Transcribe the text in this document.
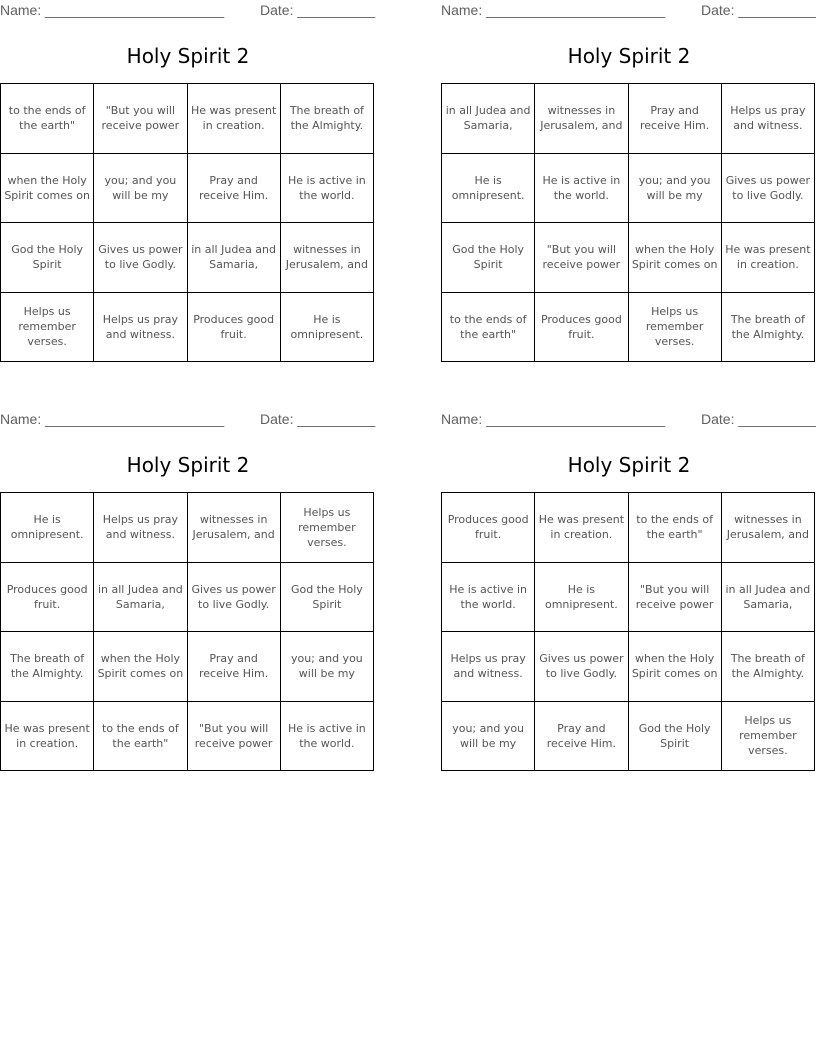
Name: _______________________	Date: __________
Holy Spirit 2
to the ends of the earth"	"But you will receive power	He was present in creation.	The breath of the Almighty.
when the Holy Spirit comes on	you; and you will be my	Pray and receive Him.	He is active in the world.
God the Holy Spirit	Gives us power to live Godly.	in all Judea and Samaria,	witnesses in Jerusalem, and
Helps us remember verses.	Helps us pray and witness.	Produces good fruit.	He is omnipresent.
Name: _______________________	Date: __________
Holy Spirit 2
in all Judea and Samaria,	witnesses in Jerusalem, and	Pray and receive Him.	Helps us pray and witness.
He is omnipresent.	He is active in the world.	you; and you will be my	Gives us power to live Godly.
God the Holy Spirit	"But you will receive power	when the Holy Spirit comes on	He was present in creation.
to the ends of the earth"	Produces good fruit.	Helps us remember verses.	The breath of the Almighty.
Name: _______________________	Date: __________
Holy Spirit 2
He is omnipresent.	Helps us pray and witness.	witnesses in Jerusalem, and	Helps us remember verses.
Produces good fruit.	in all Judea and Samaria,	Gives us power to live Godly.	God the Holy Spirit
The breath of the Almighty.	when the Holy Spirit comes on	Pray and receive Him.	you; and you will be my
He was present in creation.	to the ends of the earth"	"But you will receive power	He is active in the world.
Name: _______________________	Date: __________
Holy Spirit 2
Produces good fruit.	He was present in creation.	to the ends of the earth"	witnesses in Jerusalem, and
He is active in the world.	He is omnipresent.	"But you will receive power	in all Judea and Samaria,
Helps us pray and witness.	Gives us power to live Godly.	when the Holy Spirit comes on	The breath of the Almighty.
you; and you will be my	Pray and receive Him.	God the Holy Spirit	Helps us remember verses.
